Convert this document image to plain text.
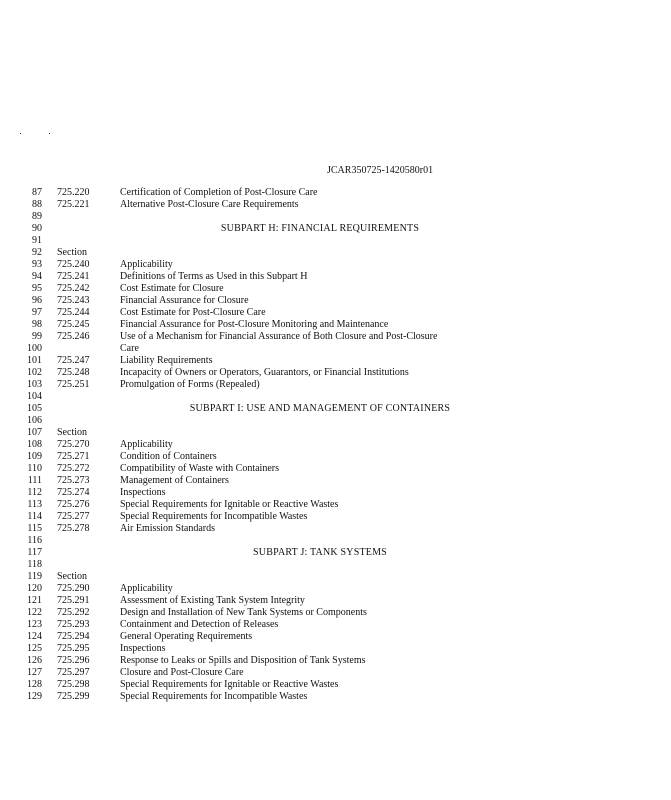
JCAR350725-1420580r01
87 725.220	Certification of Completion of Post-Closure Care
88 725.221	Alternative Post-Closure Care Requirements
89
90	SUBPART H: FINANCIAL REQUIREMENTS
91
92 Section
93 725.240	Applicability
94 725.241	Definitions of Terms as Used in this Subpart H
95 725.242	Cost Estimate for Closure
96 725.243	Financial Assurance for Closure
97 725.244	Cost Estimate for Post-Closure Care
98 725.245	Financial Assurance for Post-Closure Monitoring and Maintenance
99 725.246	Use of a Mechanism for Financial Assurance of Both Closure and Post-Closure
100	Care
101 725.247	Liability Requirements
102 725.248	Incapacity of Owners or Operators, Guarantors, or Financial Institutions
103 725.251	Promulgation of Forms (Repealed)
104
105	SUBPART I: USE AND MANAGEMENT OF CONTAINERS
106
107 Section
108 725.270	Applicability
109 725.271	Condition of Containers
110 725.272	Compatibility of Waste with Containers
111 725.273	Management of Containers
112 725.274	Inspections
113 725.276	Special Requirements for Ignitable or Reactive Wastes
114 725.277	Special Requirements for Incompatible Wastes
115 725.278	Air Emission Standards
116
117	SUBPART J: TANK SYSTEMS
118
119 Section
120 725.290	Applicability
121 725.291	Assessment of Existing Tank System Integrity
122 725.292	Design and Installation of New Tank Systems or Components
123 725.293	Containment and Detection of Releases
124 725.294	General Operating Requirements
125 725.295	Inspections
126 725.296	Response to Leaks or Spills and Disposition of Tank Systems
127 725.297	Closure and Post-Closure Care
128 725.298	Special Requirements for Ignitable or Reactive Wastes
129 725.299	Special Requirements for Incompatible Wastes
